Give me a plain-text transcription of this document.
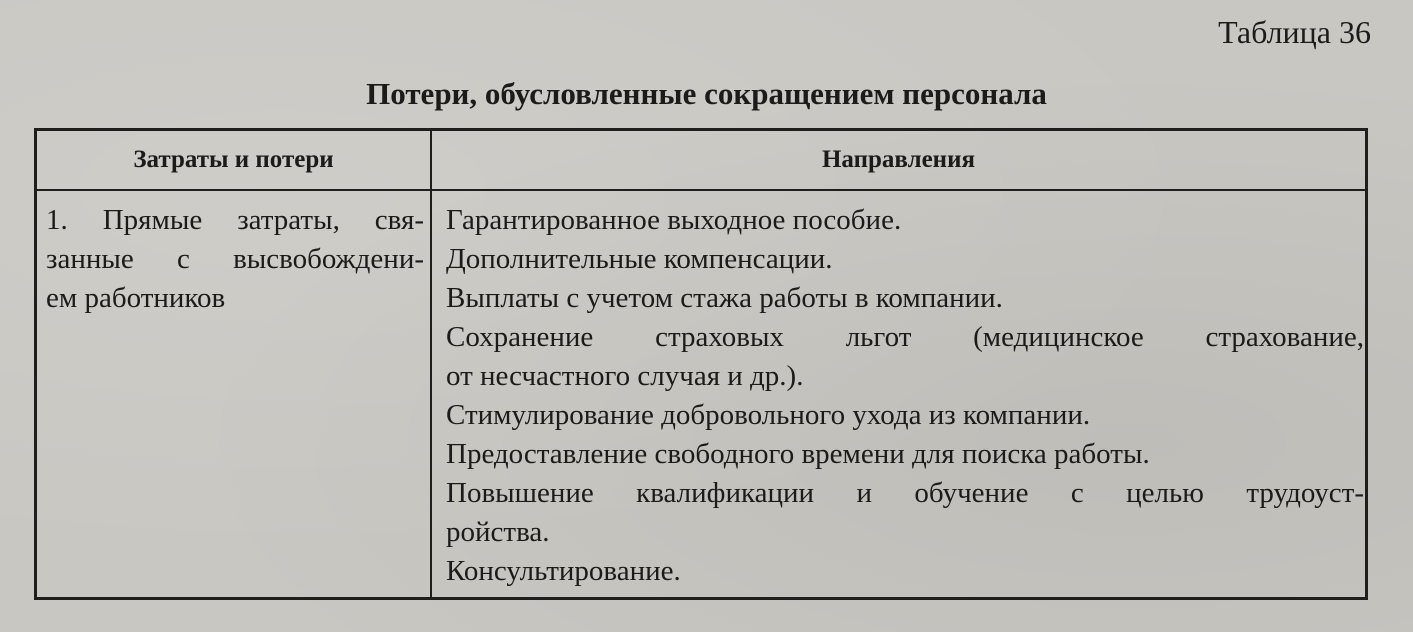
Таблица 36
Потери, обусловленные сокращением персонала
Затраты и потери	Направления
1. Прямые затраты, свя-
занные с высвобождени-
ем работников
Гарантированное выходное пособие.
Дополнительные компенсации.
Выплаты с учетом стажа работы в компании.
Сохранение страховых льгот (медицинское страхование,
от несчастного случая и др.).
Стимулирование добровольного ухода из компании.
Предоставление свободного времени для поиска работы.
Повышение квалификации и обучение с целью трудоуст-
ройства.
Консультирование.
